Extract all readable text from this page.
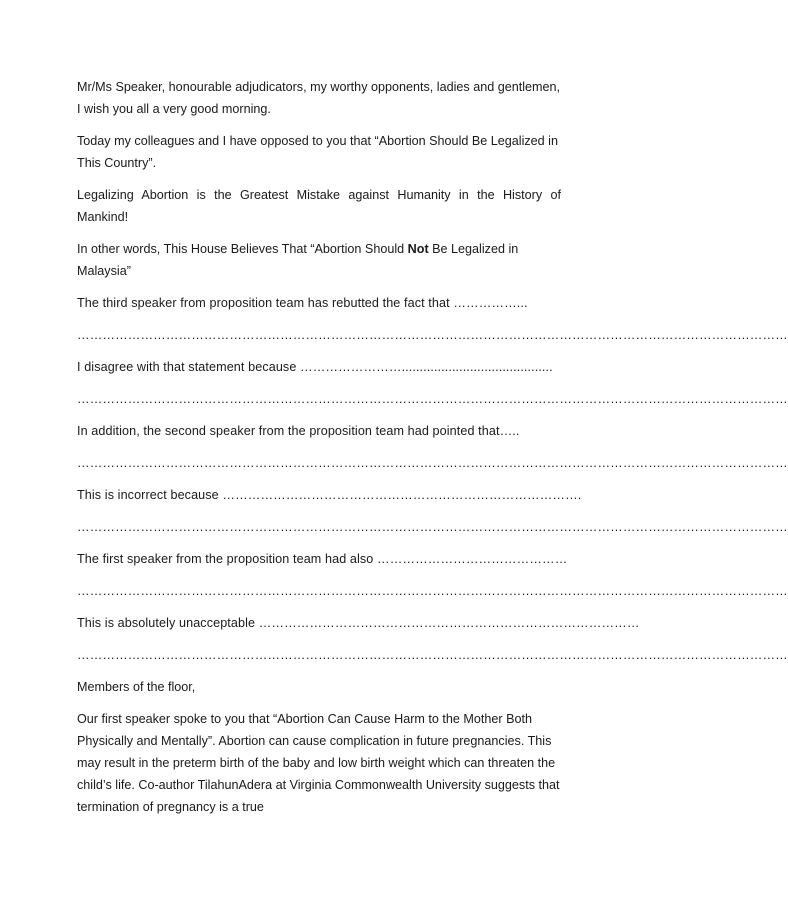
Mr/Ms Speaker, honourable adjudicators, my worthy opponents, ladies and gentlemen, I wish you all a very good morning.

Today my colleagues and I have opposed to you that “Abortion Should Be Legalized in This Country”.

Legalizing Abortion is the Greatest Mistake against Humanity in the History of Mankind!

In other words, This House Believes That “Abortion Should Not Be Legalized in Malaysia”

The third speaker from proposition team has rebutted the fact that ……………...

……………………………………………………………………………………………………………………………………………………

I disagree with that statement because ……………………..........................................

……………………………………………………………………………………………………………………………………………………

In addition, the second speaker from the proposition team had pointed that…..

……………………………………………………………………………………………………………………………………………………

This is incorrect because ………………………………………………………………………….

……………………………………………………………………………………………………………………………………………………

The first speaker from the proposition team had also ………………………………………

……………………………………………………………………………………………………………………………………………………

This is absolutely unacceptable ………………………………………………………………………………

……………………………………………………………………………………………………………………………………………………

Members of the floor,

Our first speaker spoke to you that “Abortion Can Cause Harm to the Mother Both Physically and Mentally”. Abortion can cause complication in future pregnancies. This may result in the preterm birth of the baby and low birth weight which can threaten the child’s life. Co-author TilahunAdera at Virginia Commonwealth University suggests that termination of pregnancy is a true
